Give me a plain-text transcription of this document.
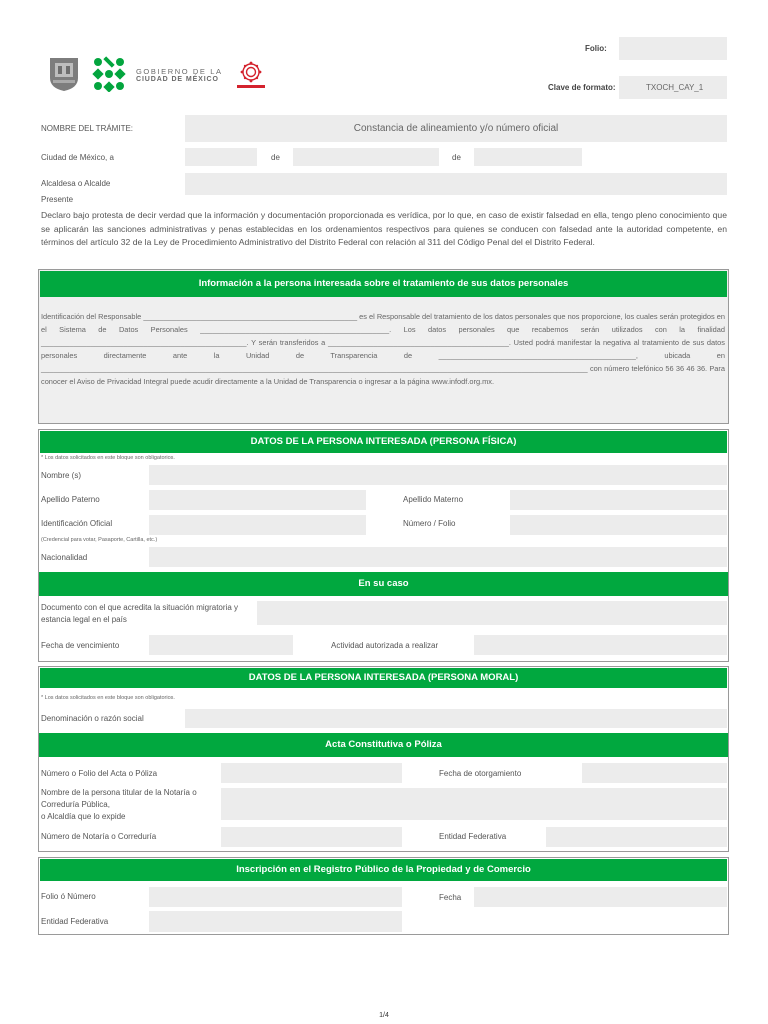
GOBIERNO DE LA
CIUDAD DE MÉXICO
Folio:
Clave de formato:	TXOCH_CAY_1
NOMBRE DEL TRÁMITE:	Constancia de alineamiento y/o número oficial
Ciudad de México, a	de	de
Alcaldesa o Alcalde
Presente
Declaro bajo protesta de decir verdad que la información y documentación proporcionada es verídica, por lo que, en caso de existir falsedad en ella, tengo pleno conocimiento que se aplicarán las sanciones administrativas y penas establecidas en los ordenamientos respectivos para quienes se conducen con falsedad ante la autoridad competente, en términos del artículo 32 de la Ley de Procedimiento Administrativo del Distrito Federal con relación al 311 del Código Penal del el Distrito Federal.
Información a la persona interesada sobre el tratamiento de sus datos personales
Identificación del Responsable ____________________________________________________ es el Responsable del tratamiento de los datos personales que nos proporcione, los cuales serán protegidos en el Sistema de Datos Personales ______________________________________________. Los datos personales que recabemos serán utilizados con la finalidad __________________________________________________. Y serán transferidos a ____________________________________________. Usted podrá manifestar la negativa al tratamiento de sus datos personales directamente ante la Unidad de Transparencia de ________________________________________________, ubicada en _____________________________________________________________________________________________________________________________________ con número telefónico 56 36 46 36. Para conocer el Aviso de Privacidad Integral puede acudir directamente a la Unidad de Transparencia o ingresar a la página www.infodf.org.mx.
DATOS DE LA PERSONA INTERESADA (PERSONA FÍSICA)
* Los datos solicitados en este bloque son obligatorios.
Nombre (s)
Apellido Paterno	Apellido Materno
Identificación Oficial	Número / Folio
(Credencial para votar, Pasaporte, Cartilla, etc.)
Nacionalidad
En su caso
Documento con el que acredita la situación migratoria y
estancia legal en el país
Fecha de vencimiento	Actividad autorizada a realizar
DATOS DE LA PERSONA INTERESADA (PERSONA MORAL)
* Los datos solicitados en este bloque son obligatorios.
Denominación o razón social
Acta Constitutiva o Póliza
Número o Folio del Acta o Póliza	Fecha de otorgamiento
Nombre de la persona titular de la Notaría o
Correduría Pública,
o Alcaldía que lo expide
Número de Notaría o Correduría	Entidad Federativa
Inscripción en el Registro Público de la Propiedad y de Comercio
Folio ó Número	Fecha
Entidad Federativa
1/4
